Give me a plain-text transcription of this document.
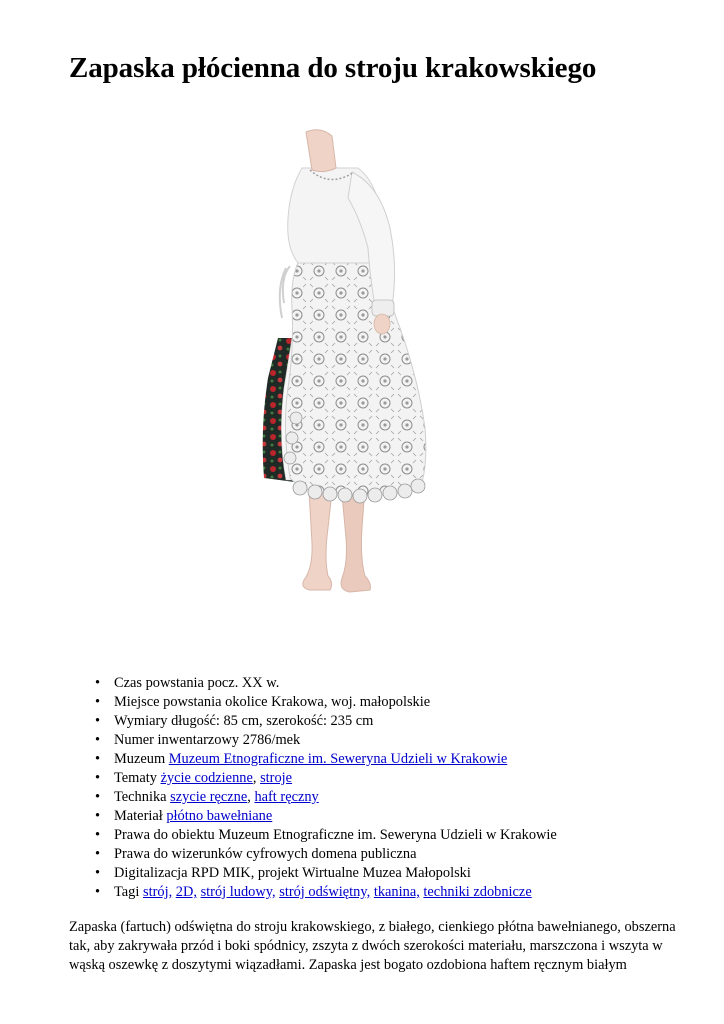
Zapaska płócienna do stroju krakowskiego
• Czas powstania pocz. XX w.
• Miejsce powstania okolice Krakowa, woj. małopolskie
• Wymiary długość: 85 cm, szerokość: 235 cm
• Numer inwentarzowy 2786/mek
• Muzeum Muzeum Etnograficzne im. Seweryna Udzieli w Krakowie
• Tematy życie codzienne, stroje
• Technika szycie ręczne, haft ręczny
• Materiał płótno bawełniane
• Prawa do obiektu Muzeum Etnograficzne im. Seweryna Udzieli w Krakowie
• Prawa do wizerunków cyfrowych domena publiczna
• Digitalizacja RPD MIK, projekt Wirtualne Muzea Małopolski
• Tagi strój, 2D, strój ludowy, strój odświętny, tkanina, techniki zdobnicze

Zapaska (fartuch) odświętna do stroju krakowskiego, z białego, cienkiego płótna bawełnianego, obszerna tak, aby zakrywała przód i boki spódnicy, zszyta z dwóch szerokości materiału, marszczona i wszyta w wąską oszewkę z doszytymi wiązadłami. Zapaska jest bogato ozdobiona haftem ręcznym białym
